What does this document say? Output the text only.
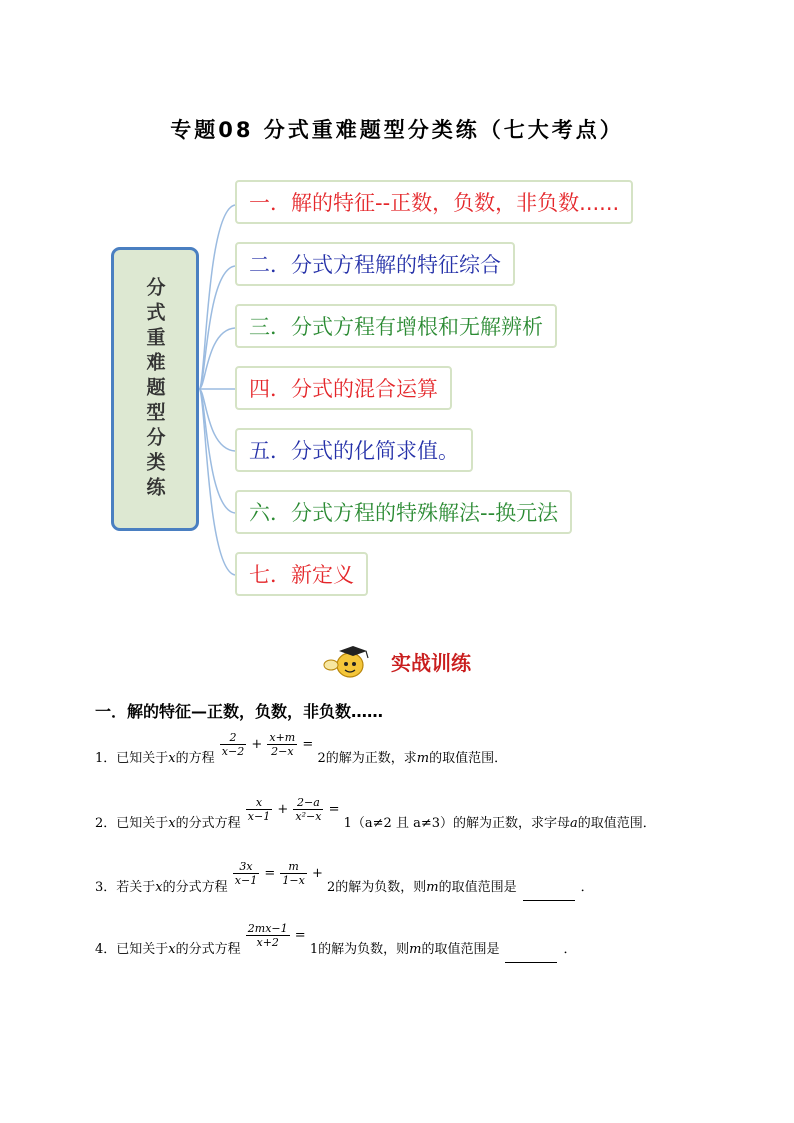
专题08 分式重难题型分类练（七大考点）
分式重难题型分类练
一．解的特征--正数，负数，非负数......
二．分式方程解的特征综合
三．分式方程有增根和无解辨析
四．分式的混合运算
五．分式的化简求值。
六．分式方程的特殊解法--换元法
七．新定义
实战训练
一．解的特征—正数，负数，非负数……
1．已知关于x的方程
$\frac{2}{x-2} + \frac{x+m}{2-x} = 2$的解为正数，求m的取值范围．
2．已知关于x的分式方程
$\frac{x}{x-1} + \frac{2-a}{\text{x²−x}} = 1(a\ne 2$ 且 a≠3）的解为正数，求字母a的取值范围．
3．若关于x的分式方程
$\frac{3x}{x-1} = \frac{m}{1-x} + 2$的解为负数，则m的取值范围是	．
4．已知关于x的分式方程
$\frac{2mx-1}{x+2} = 1$的解为负数，则m的取值范围是	．
